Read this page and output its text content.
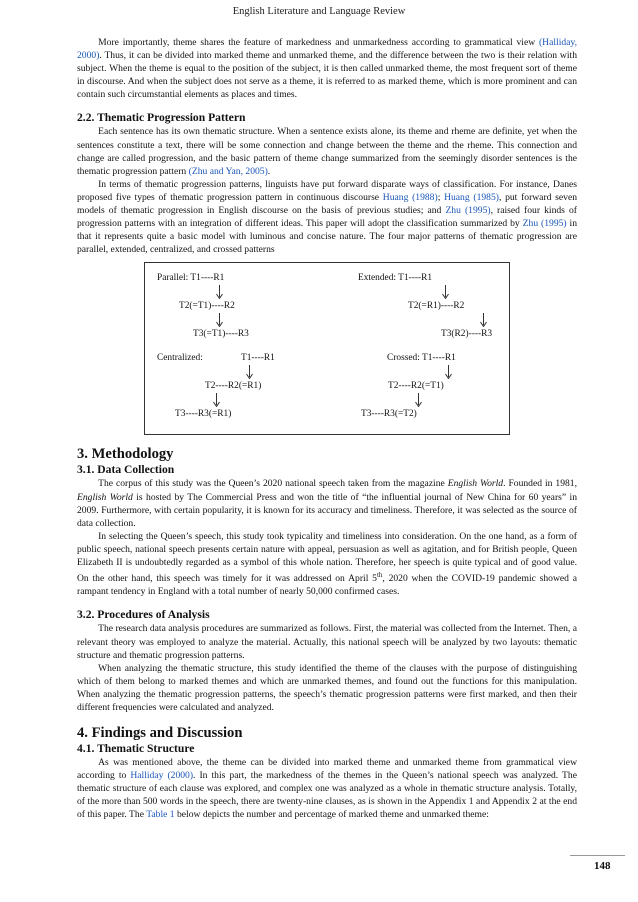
English Literature and Language Review

More importantly, theme shares the feature of markedness and unmarkedness according to grammatical view (Halliday, 2000). Thus, it can be divided into marked theme and unmarked theme, and the difference between the two is their relation with subject. When the theme is equal to the position of the subject, it is then called unmarked theme, the most frequent sort of theme in discourse. And when the subject does not serve as a theme, it is referred to as marked theme, which is more prominent and can contain such circumstantial elements as places and times.

2.2. Thematic Progression Pattern

Each sentence has its own thematic structure. When a sentence exists alone, its theme and rheme are definite, yet when the sentences constitute a text, there will be some connection and change between the theme and the rheme. This connection and change are called progression, and the basic pattern of theme change summarized from the seemingly disorder sentences is the thematic progression pattern (Zhu and Yan, 2005).

In terms of thematic progression patterns, linguists have put forward disparate ways of classification. For instance, Danes proposed five types of thematic progression pattern in continuous discourse Huang (1988); Huang (1985), put forward seven models of thematic progression in English discourse on the basis of previous studies; and Zhu (1995), raised four kinds of progression patterns with an integration of different ideas. This paper will adopt the classification summarized by Zhu (1995) in that it represents quite a basic model with luminous and concise nature. The four major patterns of thematic progression are parallel, extended, centralized, and crossed patterns

Parallel: T1----R1
T2(=T1)----R2
T3(=T1)----R3
Extended: T1----R1
T2(=R1)----R2
T3(R2)----R3
Centralized:	T1----R1
T2----R2(=R1)
T3----R3(=R1)
Crossed: T1----R1
T2----R2(=T1)
T3----R3(=T2)
3. Methodology
3.1. Data Collection

The corpus of this study was the Queen’s 2020 national speech taken from the magazine English World. Founded in 1981, English World is hosted by The Commercial Press and won the title of “the influential journal of New China for 60 years” in 2009. Furthermore, with certain popularity, it is known for its accuracy and timeliness. Therefore, it was selected as the source of data collection.

In selecting the Queen’s speech, this study took typicality and timeliness into consideration. On the one hand, as a form of public speech, national speech presents certain nature with appeal, persuasion as well as agitation, and for British people, Queen Elizabeth II is undoubtedly regarded as a symbol of this whole nation. Therefore, her speech is quite typical and of good value. On the other hand, this speech was timely for it was addressed on April 5th, 2020 when the COVID-19 pandemic showed a rampant tendency in England with a total number of nearly 50,000 confirmed cases.

3.2. Procedures of Analysis

The research data analysis procedures are summarized as follows. First, the material was collected from the Internet. Then, a relevant theory was employed to analyze the material. Actually, this national speech will be analyzed by two layouts: thematic structure and thematic progression patterns.

When analyzing the thematic structure, this study identified the theme of the clauses with the purpose of distinguishing which of them belong to marked themes and which are unmarked themes, and found out the functions for this manipulation. When analyzing the thematic progression patterns, the speech’s thematic progression patterns were first marked, and then their different frequencies were calculated and analyzed.

4. Findings and Discussion
4.1. Thematic Structure

As was mentioned above, the theme can be divided into marked theme and unmarked theme from grammatical view according to Halliday (2000). In this part, the markedness of the themes in the Queen’s national speech was analyzed. The thematic structure of each clause was explored, and complex one was analyzed as a whole in thematic structure analysis. Totally, of the more than 500 words in the speech, there are twenty-nine clauses, as is shown in the Appendix 1 and Appendix 2 at the end of this paper. The Table 1 below depicts the number and percentage of marked theme and unmarked theme:

148
